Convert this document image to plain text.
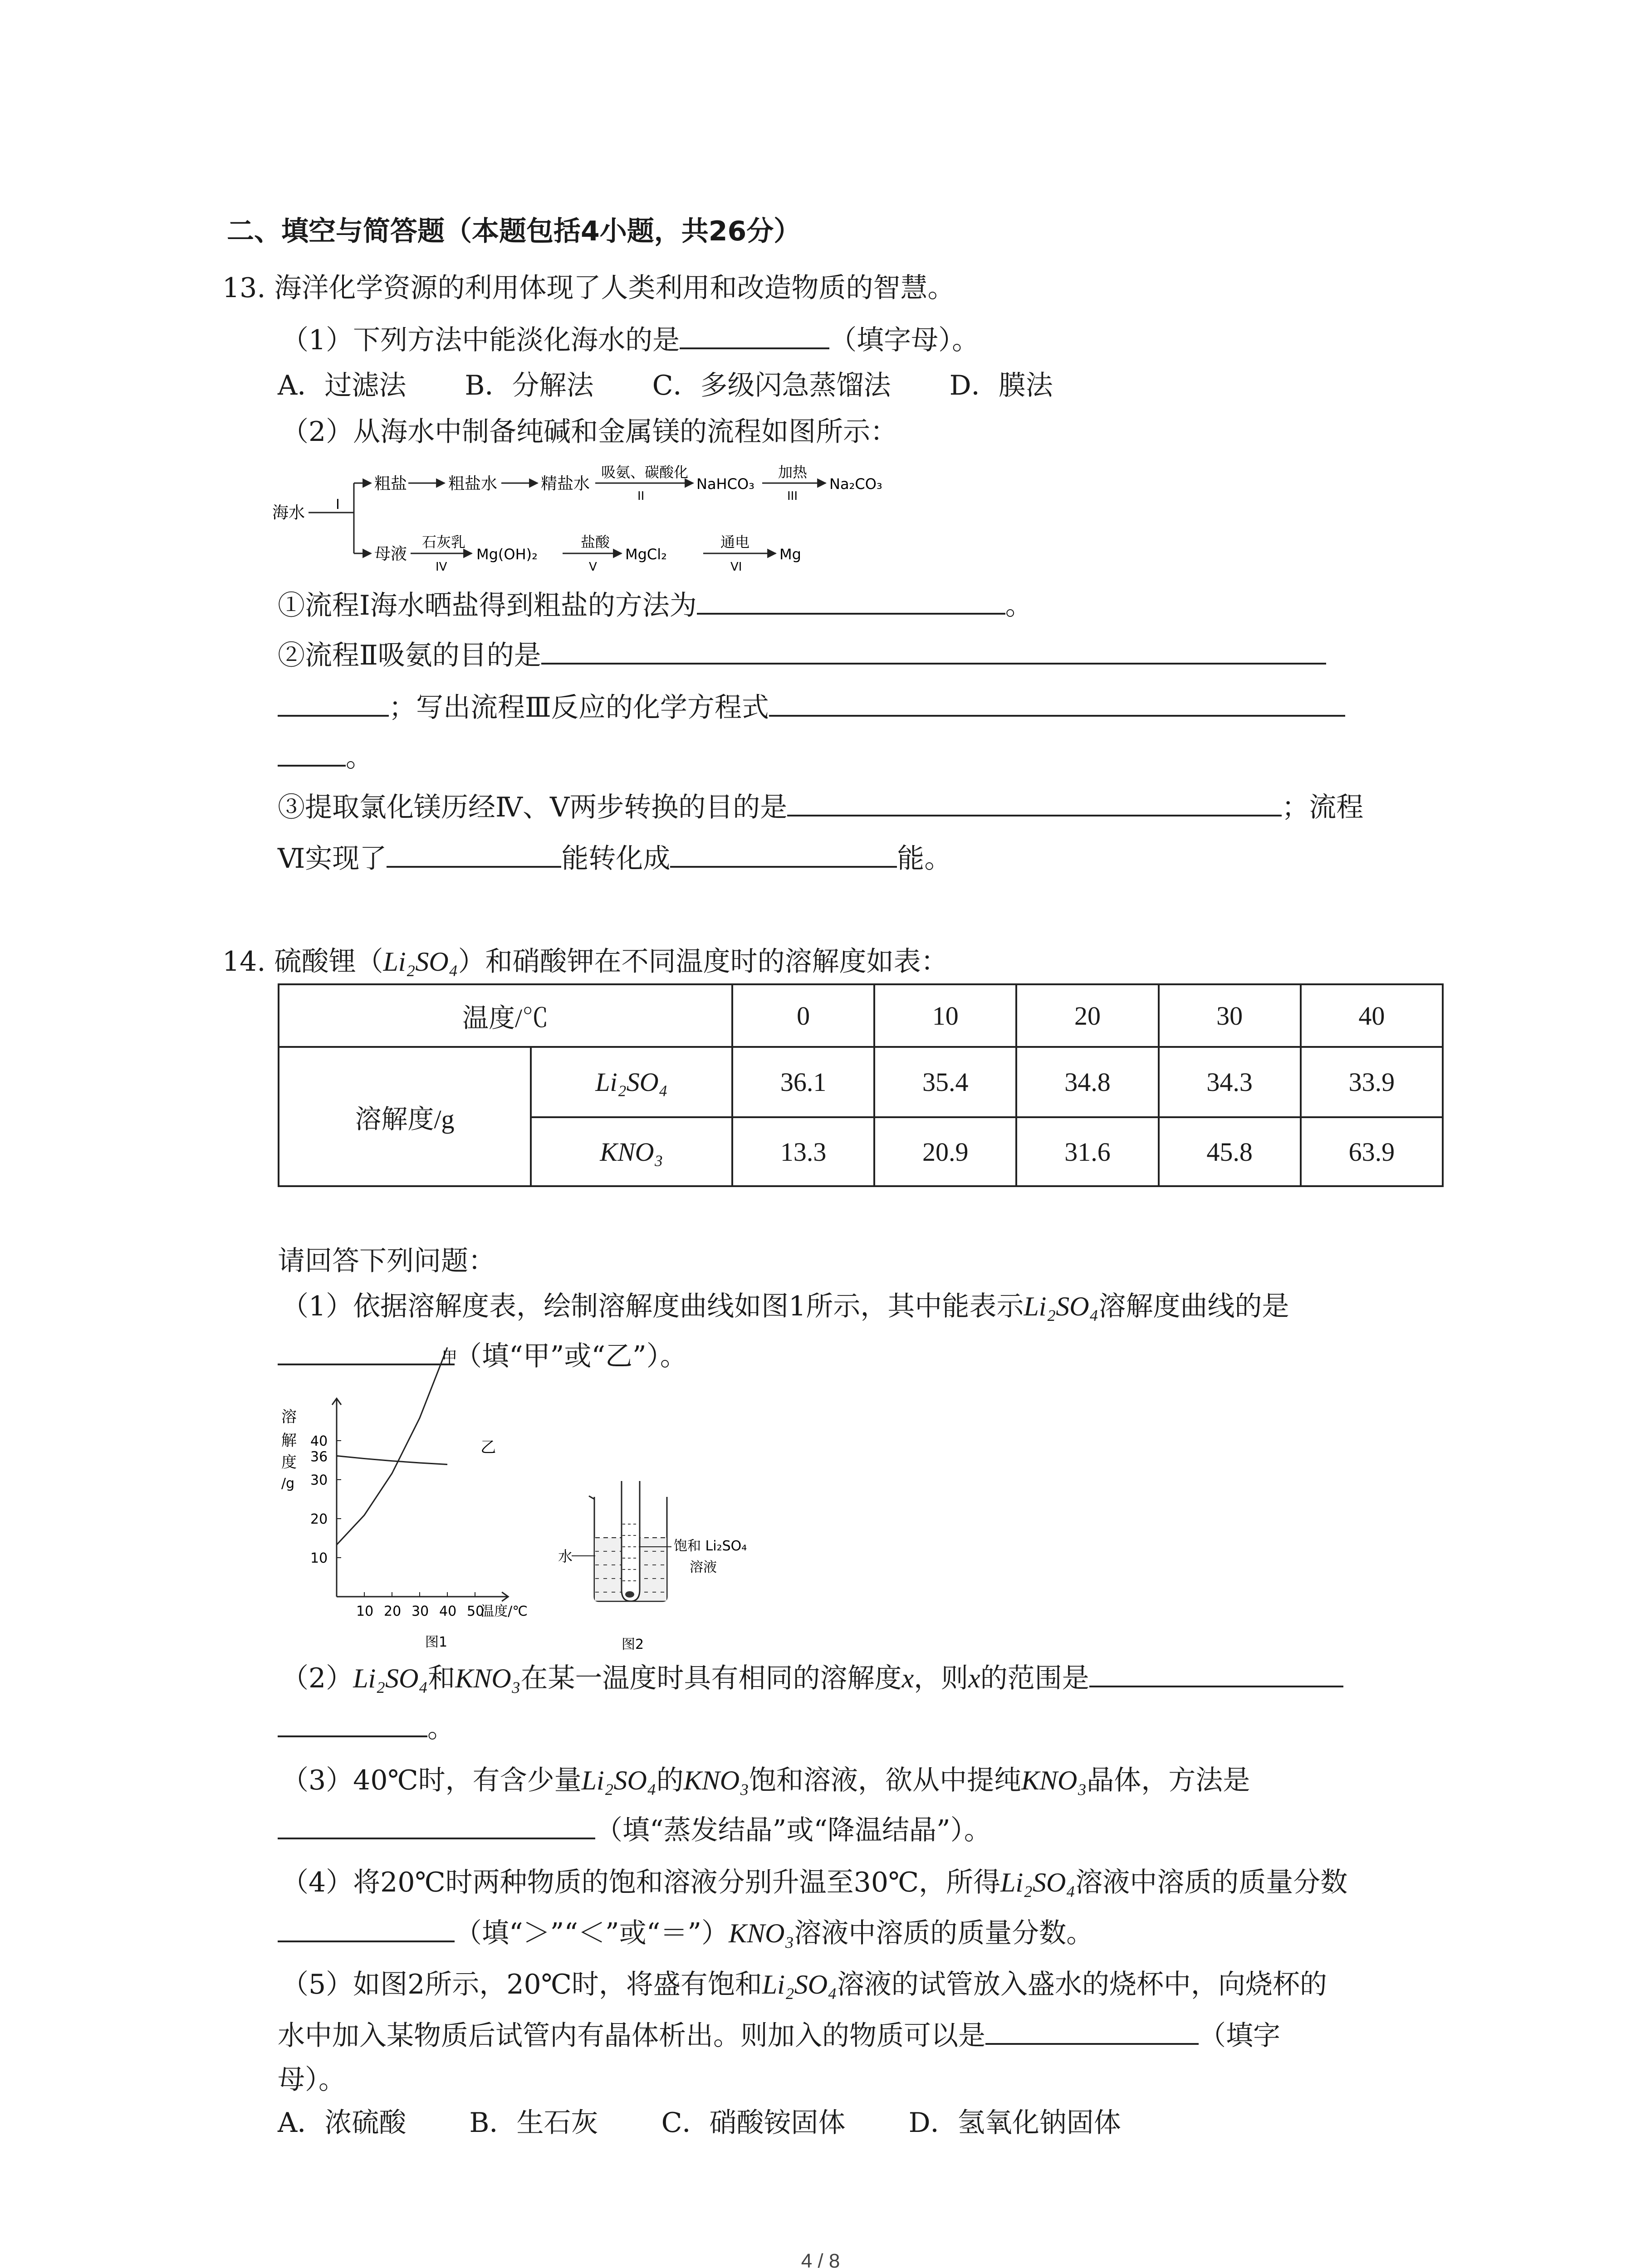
二、填空与简答题（本题包括4小题，共26分）
13. 海洋化学资源的利用体现了人类利用和改造物质的智慧。
（1）下列方法中能淡化海水的是	（填字母）。
A．过滤法 B．分解法 C．多级闪急蒸馏法 D．膜法
（2）从海水中制备纯碱和金属镁的流程如图所示：
海水 I
粗盐	粗盐水	精盐水
吸氨、碳酸化
II
NaHCO₃
加热
III
Na₂CO₃
母液
石灰乳
IV
Mg(OH)₂
盐酸
V
MgCl₂
通电
VI
Mg
①流程Ⅰ海水晒盐得到粗盐的方法为	。
②流程Ⅱ吸氨的目的是
；写出流程Ⅲ反应的化学方程式
。
③提取氯化镁历经Ⅳ、Ⅴ两步转换的目的是	；流程
Ⅵ实现了	能转化成	能。
14. 硫酸锂（Li₂SO₄）和硝酸钾在不同温度时的溶解度如表：
温度/℃		0	10	20	30	40
溶解度/g	Li₂SO₄	36.1	35.4	34.8	34.3	33.9
	KNO₃	13.3	20.9	31.6	45.8	63.9
请回答下列问题：
（1）依据溶解度表，绘制溶解度曲线如图1所示，其中能表示Li₂SO₄溶解度曲线的是
（填“甲”或“乙”）。
溶
解
度
/g
10
20
30
36
40
10 20 30 40 50
温度/℃
甲
乙
图1
水
饱和 Li₂SO₄
溶液
图2
（2）Li₂SO₄和KNO₃在某一温度时具有相同的溶解度x，则x的范围是
。
（3）40℃时，有含少量Li₂SO₄的KNO₃饱和溶液，欲从中提纯KNO₃晶体，方法是
（填“蒸发结晶”或“降温结晶”）。
（4）将20℃时两种物质的饱和溶液分别升温至30℃，所得Li₂SO₄溶液中溶质的质量分数
（填“＞”“＜”或“＝”）KNO₃溶液中溶质的质量分数。
（5）如图2所示，20℃时，将盛有饱和Li₂SO₄溶液的试管放入盛水的烧杯中，向烧杯的
水中加入某物质后试管内有晶体析出。则加入的物质可以是	（填字
母）。
A．浓硫酸 B．生石灰 C．硝酸铵固体 D．氢氧化钠固体
4 / 8
